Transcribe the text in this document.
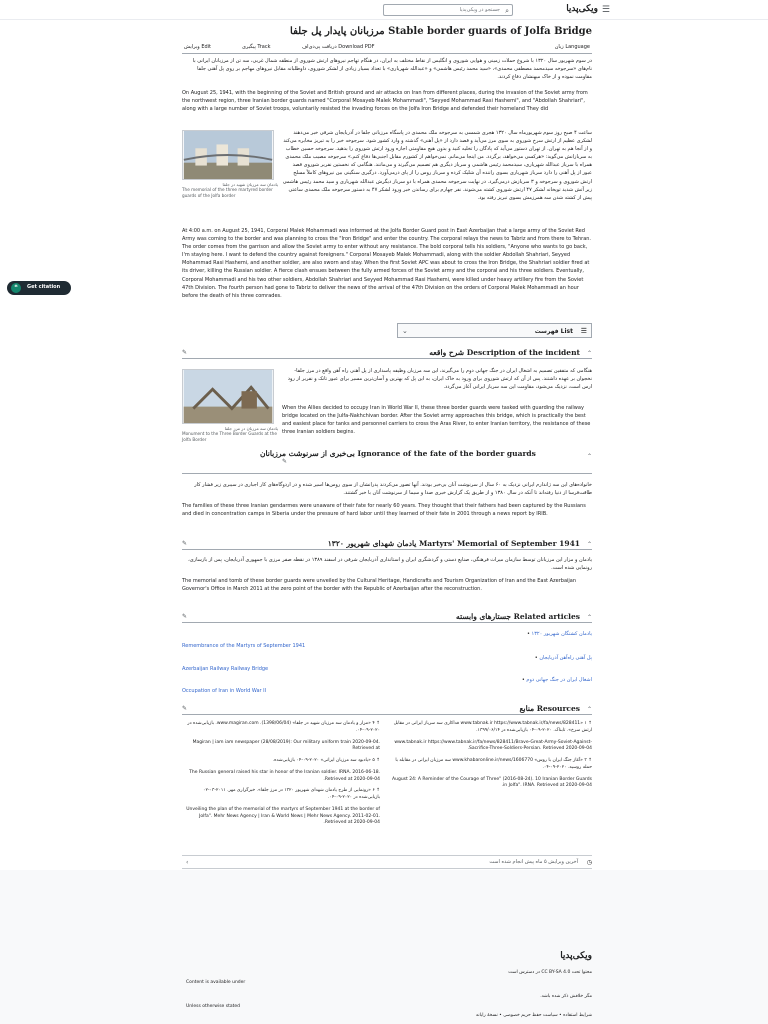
☰
ویکی‌پدیا
⌕
جستجو در ویکی‌پدیا
مرزبانان پایدار پل جلفا Stable border guards of Jolfa Bridge
زبان Language
دریافت پی‌دی‌اف Download PDF
پیگیری Track
ویرایش Edit
در سوم شهریور سال ۱۳۲۰ با شروع حملات زمینی و هوایی شوروی و انگلیس از نقاط مختلف به ایران، در هنگام تهاجم نیروهای ارتش شوروی از منطقه شمال غربی، سه تن از مرزبانان ایرانی با نام‌های «سرجوخه سیدمحمد مصطفی محمدی»، «سید محمد رئیس هاشمی» و «عبدالله شهریاری» با تعداد بسیار زیادی از لشکر شوروی، داوطلبانه مقابل نیروهای مهاجم بر روی پل آهنی جلفا مقاومت نموده و از خاک میهنشان دفاع کردند.
On August 25, 1941, with the beginning of the Soviet and British ground and air attacks on Iran from different places, during the invasion of the Soviet army from the northwest region, three Iranian border guards named "Corporal Mosayeb Malek Mohammadi", "Seyyed Mohammad Rasi Hashemi", and "Abdollah Shahriari", along with a large number of Soviet troops, voluntarily resisted the invading forces on the Jolfa Iron Bridge and defended their homeland They did
یادمان سه مرزبان شهید در جلفا
The memorial of the three martyred border guards of the Jolfa border
ساعت ۴ صبح روز سوم شهریورماه سال ۱۳۲۰ هجری شمسی به سرجوخه ملک محمدی در پاسگاه مرزبانی جلفا در آذربایجان شرقی خبر می‌دهند لشکری عظیم از ارتش سرخ شوروی به سوی مرز می‌آید و قصد دارد از «پل آهنی» گذشته و وارد کشور شود. سرجوخه خبر را به تبریز مخابره می‌کند و از آنجا هم به تهران. از تهران دستور می‌آید که پادگان را تخلیه کنید و بدون هیچ مقاومتی اجازه ورود ارتش شوروی را بدهید. سرجوخه حسین خطاب به سربازانش می‌گوید: «هرکسی می‌خواهد، برگردد. من اینجا می‌مانم. نمی‌خواهم از کشورم مقابل اجنبی‌ها دفاع کنم.» سرجوخه مصیب ملک محمدی همراه با سرباز عبدالله شهریاری، سیدمحمد رئیس هاشمی و سرباز دیگری هم تصمیم می‌گیرند و می‌مانند. هنگامی که نخستین نفربر شوروی قصد عبور از پل آهنی را دارد سرباز شهریاری بسوی راننده آن شلیک کرده و سرباز روس را از پای درمی‌آورد. درگیری سنگینی بین نیروهای کاملاً مسلح ارتش شوروی و سرجوخه و ۳ سربازش درمی‌گیرد. در نهایت سرجوخه محمدی همراه با دو سرباز دیگرش عبدالله شهریاری و سید محمد رئیس هاشمی زیر آتش شدید توپخانه لشکر ۴۷ ارتش شوروی کشته می‌شوند. نفر چهارم برای رساندن خبر ورود لشکر ۴۷ به دستور سرجوخه ملک محمدی ساعتی پیش از کشته شدن سه همرزمش بسوی تبریز رفته بود.
At 4:00 a.m. on August 25, 1941, Corporal Malek Mohammadi was informed at the Jolfa Border Guard post in East Azerbaijan that a large army of the Soviet Red Army was coming to the border and was planning to cross the "Iron Bridge" and enter the country. The corporal relays the news to Tabriz and from there to Tehran. The order comes from the garrison and allow the Soviet army to enter without any resistance. The bold corporal tells his soldiers, "Anyone who wants to go back, I'm staying here. I want to defend the country against foreigners." Corporal Mosayeb Malek Mohammadi, along with the soldier Abdollah Shahriari, Seyyed Mohammad Rasi Hashemi, and another soldier, are also sworn and stay. When the first Soviet APC was about to cross the Iron Bridge, the Shahriari soldier fired at its driver, killing the Russian soldier. A fierce clash ensues between the fully armed forces of the Soviet army and the corporal and his three soldiers. Eventually, Corporal Mohammadi and his two other soldiers, Abdollah Shahriari and Seyyed Mohammad Rasi Hashemi, were killed under heavy artillery fire from the Soviet 47th Division. The fourth person had gone to Tabriz to deliver the news of the arrival of the 47th Division on the orders of Corporal Malek Mohammadi an hour before the death of his three comrades.
❝	Get citation
☰
فهرست List
⌄
⌃
شرح واقعه Description of the incident
✎
یادمان سه مرزبان در مرز جلفا
Monument to the Three Border Guards at the Jolfa Border
هنگامی که متفقین تصمیم به اشغال ایران در جنگ جهانی دوم را می‌گیرند، این سه مرزبان وظیفه پاسداری از پل آهنی راه آهن واقع در مرز جلفا-نخجوان بر عهده داشتند. پس از آن که ارتش شوروی برای ورود به خاک ایران، به این پل که بهترین و آسان‌ترین مسیر برای عبور تانک و نفربر از رود ارس است، نزدیک می‌شود، مقاومت این سه سرباز ایرانی آغاز می‌گردد.
When the Allies decided to occupy Iran in World War II, these three border guards were tasked with guarding the railway bridge located on the Julfa-Nakhchivan border. After the Soviet army approaches this bridge, which is practically the best and easiest place for tanks and personnel carriers to cross the Aras River, to enter Iranian territory, the resistance of these three Iranian soldiers begins.
⌃
بی‌خبری از سرنوشت مرزبانان Ignorance of the fate of the border guards
✎
خانواده‌های این سه ژاندارم ایرانی نزدیک به ۶۰ سال از سرنوشت آنان بی‌خبر بودند. آنها تصور می‌کردند پدرانشان از سوی روس‌ها اسیر شده و در اردوگاه‌های کار اجباری در سیبری زیر فشار کار طاقت‌فرسا از دنیا رفته‌اند تا آنکه در سال ۱۳۸۰ و از طریق یک گزارش خبری صدا و سیما از سرنوشت آنان با خبر گشتند.
The families of these three Iranian gendarmes were unaware of their fate for nearly 60 years. They thought that their fathers had been captured by the Russians and died in concentration camps in Siberia under the pressure of hard labor until they learned of their fate in 2001 through a news report by IRIB.
⌃
یادمان شهدای شهریور ۱۳۲۰ Martyrs' Memorial of September 1941
✎
یادمان و مزار این مرزبانان توسط سازمان میراث فرهنگی، صنایع دستی و گردشگری ایران و استانداری آذربایجان شرقی در اسفند ۱۳۸۹ در نقطه صفر مرزی با جمهوری آذربایجان، پس از بازسازی، رونمایی شده است.
The memorial and tomb of these border guards were unveiled by the Cultural Heritage, Handicrafts and Tourism Organization of Iran and the East Azerbaijan Governor's Office in March 2011 at the zero point of the border with the Republic of Azerbaijan after the reconstruction.
⌃
جستارهای وابسته Related articles
✎
یادمان کشتگان شهریور ۱۳۲۰ •
Remembrance of the Martyrs of September 1941
پل آهنی راه‌آهن آذربایجان •
Azerbaijan Railway Railway Bridge
اشغال ایران در جنگ جهانی دوم •
Occupation of Iran in World War II
⌃
منابع Resources
✎
↑ ۱ «www.tabnak.ir https://www.tabnak.ir/fa/news/828411 فداکاری سه سرباز ایرانی در مقابل ارتش سرخ». تابناک. ۲۰۲۰-۰۹-۰۴ بازیابی‌شده در ۱۳۹۹/۰۶/۱۴.
www.tabnak.ir https://www.tabnak.ir/fa/news/828411/Brave-Great-Army-Soviet-Against-Sacrifice-Three-Soldiers-Persian. Retrieved 2020-09-04.
↑ ۳ «آغاز جنگ ایران با روس» www.khabaronline.ir/news/1606770 سه مرزبان ایرانی در مقابله با حمله روسیه. ۲۰۲۰-۰۹-۰۴.
August 24: A Reminder of the Courage of Three" (2016-08-24). 10 Iranian Border Guards in Jolfa". IRNA. Retrieved at 2020-09-04.
↑ ۴ «مزار و یادمان سه مرزبان شهید در جلفا» (1398/06/04). www.magiran.com. بازیابی‌شده در ۲۰۲۰-۰۹-۰۴.
Magiran | iam iam newspaper (28/08/2019): Our military uniform train 2020-09-04. Retrieved at
↑ ۵ «یادبود سه مرزبان ایرانی» ۲۰۲۰-۰۹-۰۴ بازیابی‌شده.
The Russian general raised his star in honor of the Iranian soldier. IRNA. 2016-06-18. Retrieved at 2020-09-04.
↑ ۶ «رونمایی از طرح یادمان شهدای شهریور ۱۳۲۰ در مرز جلفا». خبرگزاری مهر. ۲۰۱۱-۰۳-۰۲ بازیابی‌شده در ۲۰۲۰-۰۹-۰۴.
Unveiling the plan of the memorial of the martyrs of September 1941 at the border of Jolfa". Mehr News Agency | Iran & World News | Mehr News Agency. 2011-02-01. Retrieved at 2020-09-04.
◷
آخرین ویرایش ۵ ماه پیش انجام شده است
‹
ویکی‌پدیا
محتوا تحت CC BY-SA 4.0 در دسترس است
Content is available under
مگر خلافش ذکر شده باشد.
Unless otherwise stated
شرایط استفاده • سیاست حفظ حریم خصوصی • نسخهٔ رایانه
